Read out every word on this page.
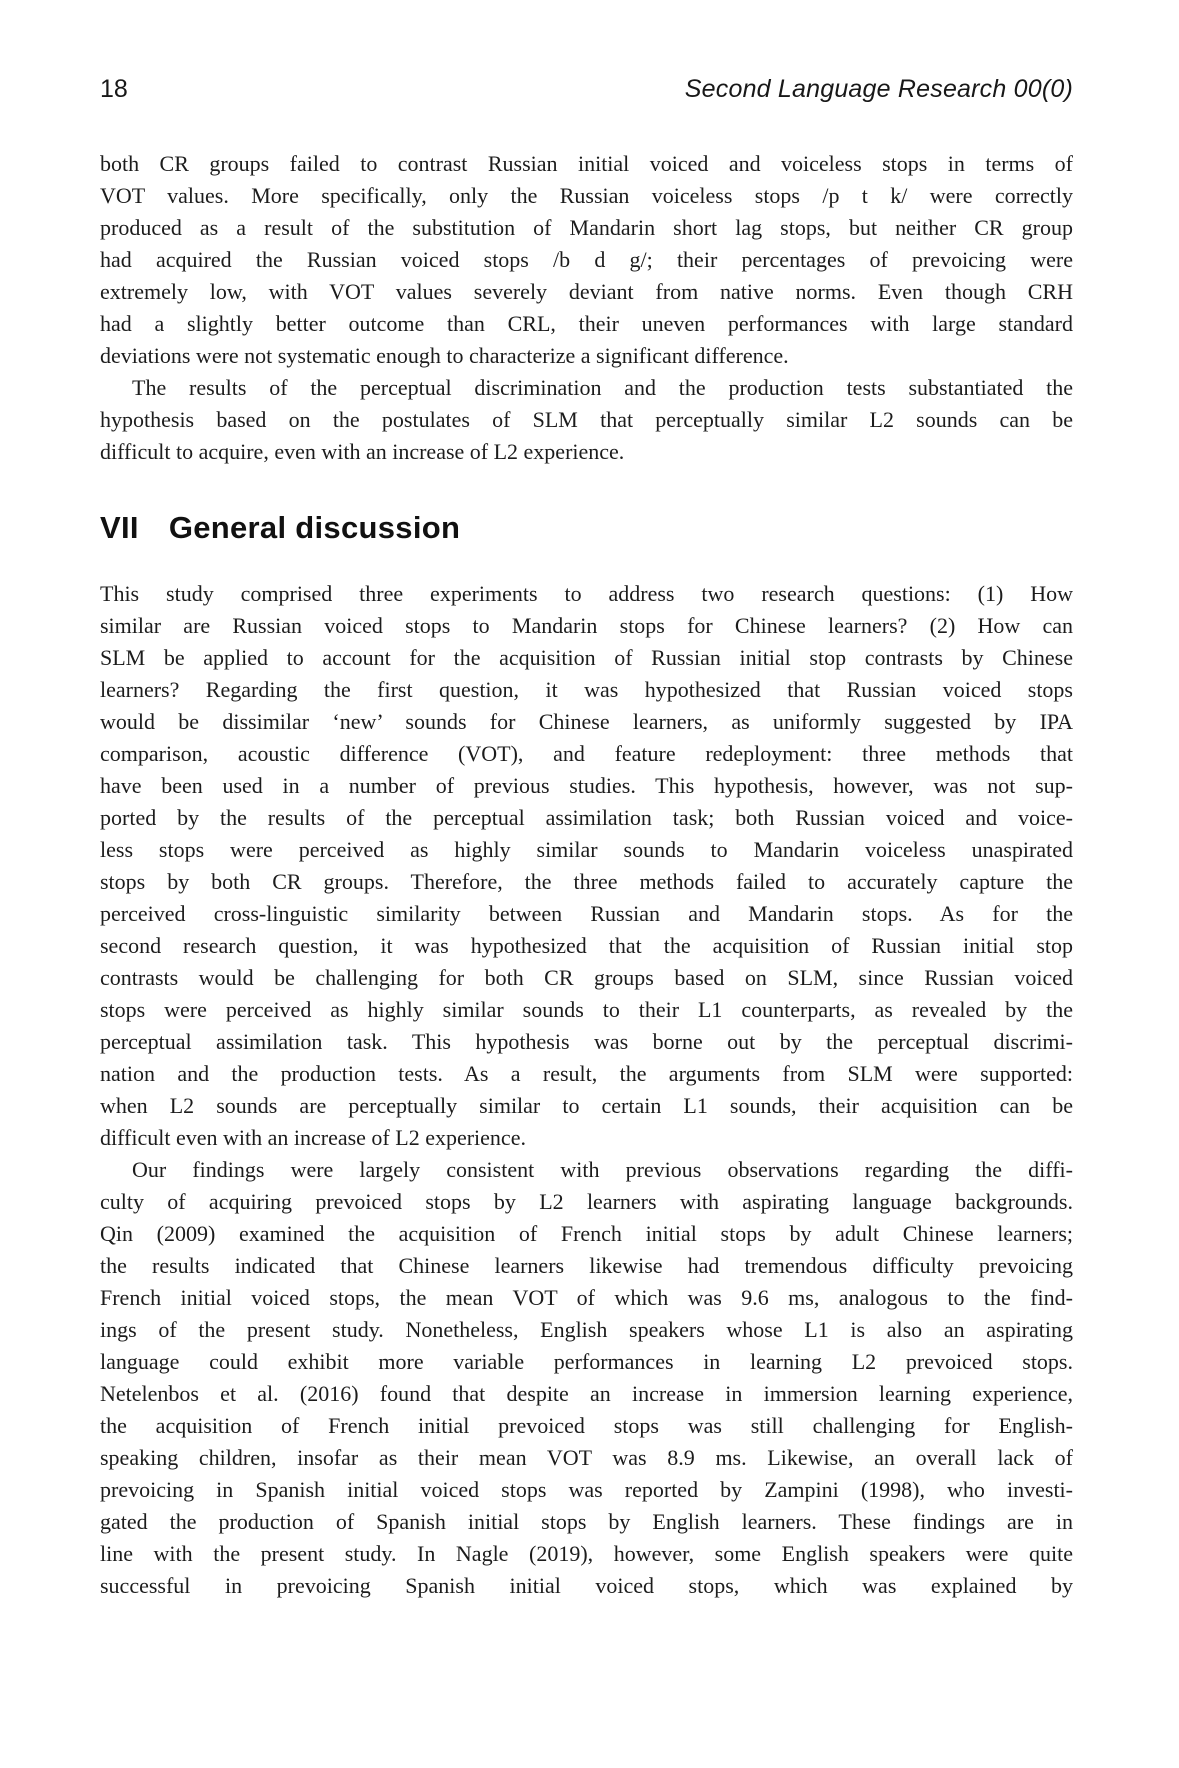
18	Second Language Research 00(0)

both CR groups failed to contrast Russian initial voiced and voiceless stops in terms of
VOT values. More specifically, only the Russian voiceless stops /p t k/ were correctly
produced as a result of the substitution of Mandarin short lag stops, but neither CR group
had acquired the Russian voiced stops /b d g/; their percentages of prevoicing were
extremely low, with VOT values severely deviant from native norms. Even though CRH
had a slightly better outcome than CRL, their uneven performances with large standard
deviations were not systematic enough to characterize a significant difference.

The results of the perceptual discrimination and the production tests substantiated the
hypothesis based on the postulates of SLM that perceptually similar L2 sounds can be
difficult to acquire, even with an increase of L2 experience.

VII General discussion

This study comprised three experiments to address two research questions: (1) How
similar are Russian voiced stops to Mandarin stops for Chinese learners? (2) How can
SLM be applied to account for the acquisition of Russian initial stop contrasts by Chinese
learners? Regarding the first question, it was hypothesized that Russian voiced stops
would be dissimilar ‘new’ sounds for Chinese learners, as uniformly suggested by IPA
comparison, acoustic difference (VOT), and feature redeployment: three methods that
have been used in a number of previous studies. This hypothesis, however, was not sup-
ported by the results of the perceptual assimilation task; both Russian voiced and voice-
less stops were perceived as highly similar sounds to Mandarin voiceless unaspirated
stops by both CR groups. Therefore, the three methods failed to accurately capture the
perceived cross-linguistic similarity between Russian and Mandarin stops. As for the
second research question, it was hypothesized that the acquisition of Russian initial stop
contrasts would be challenging for both CR groups based on SLM, since Russian voiced
stops were perceived as highly similar sounds to their L1 counterparts, as revealed by the
perceptual assimilation task. This hypothesis was borne out by the perceptual discrimi-
nation and the production tests. As a result, the arguments from SLM were supported:
when L2 sounds are perceptually similar to certain L1 sounds, their acquisition can be
difficult even with an increase of L2 experience.

Our findings were largely consistent with previous observations regarding the diffi-
culty of acquiring prevoiced stops by L2 learners with aspirating language backgrounds.
Qin (2009) examined the acquisition of French initial stops by adult Chinese learners;
the results indicated that Chinese learners likewise had tremendous difficulty prevoicing
French initial voiced stops, the mean VOT of which was 9.6 ms, analogous to the find-
ings of the present study. Nonetheless, English speakers whose L1 is also an aspirating
language could exhibit more variable performances in learning L2 prevoiced stops.
Netelenbos et al. (2016) found that despite an increase in immersion learning experience,
the acquisition of French initial prevoiced stops was still challenging for English-
speaking children, insofar as their mean VOT was 8.9 ms. Likewise, an overall lack of
prevoicing in Spanish initial voiced stops was reported by Zampini (1998), who investi-
gated the production of Spanish initial stops by English learners. These findings are in
line with the present study. In Nagle (2019), however, some English speakers were quite
successful in prevoicing Spanish initial voiced stops, which was explained by
